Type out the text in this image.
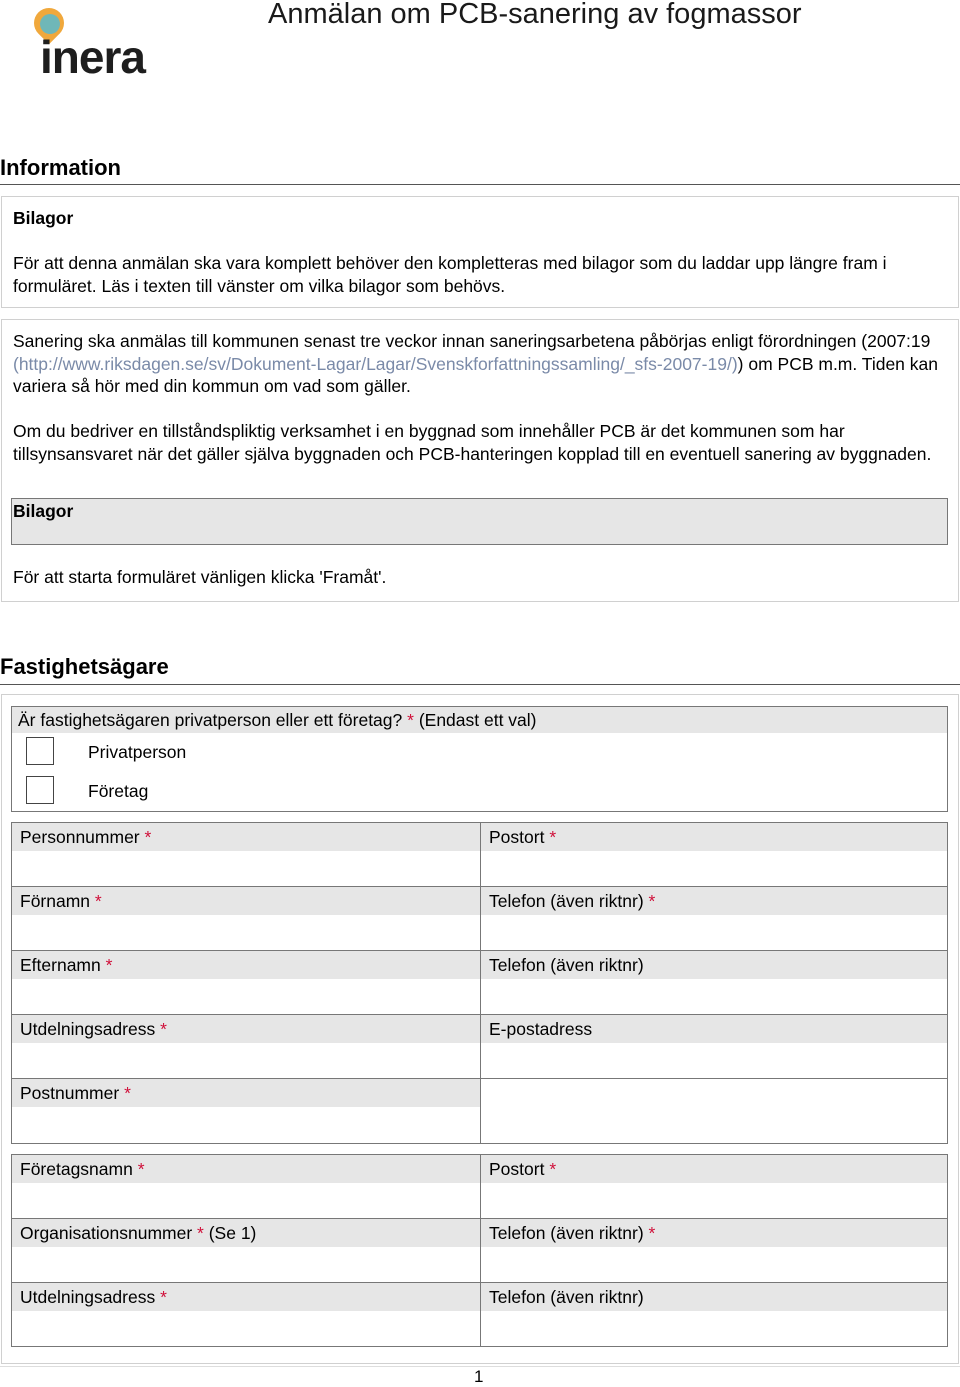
inera
Anmälan om PCB-sanering av fogmassor
Information
Bilagor
För att denna anmälan ska vara komplett behöver den kompletteras med bilagor som du laddar upp längre fram i formuläret. Läs i texten till vänster om vilka bilagor som behövs.
Sanering ska anmälas till kommunen senast tre veckor innan saneringsarbetena påbörjas enligt förordningen (2007:19 (http://www.riksdagen.se/sv/Dokument-Lagar/Lagar/Svenskforfattningssamling/_sfs-2007-19/)) om PCB m.m. Tiden kan variera så hör med din kommun om vad som gäller.
Om du bedriver en tillståndspliktig verksamhet i en byggnad som innehåller PCB är det kommunen som har tillsynsansvaret när det gäller själva byggnaden och PCB-hanteringen kopplad till en eventuell sanering av byggnaden.
För att starta formuläret vänligen klicka 'Framåt'.
Bilagor
Fastighetsägare
Är fastighetsägaren privatperson eller ett företag? * (Endast ett val)
Privatperson
Företag
Personnummer *	Postort *
Förnamn *	Telefon (även riktnr) *
Efternamn *	Telefon (även riktnr)
Utdelningsadress *	E-postadress
Postnummer *
Företagsnamn *	Postort *
Organisationsnummer * (Se 1)	Telefon (även riktnr) *
Utdelningsadress *	Telefon (även riktnr)
1
